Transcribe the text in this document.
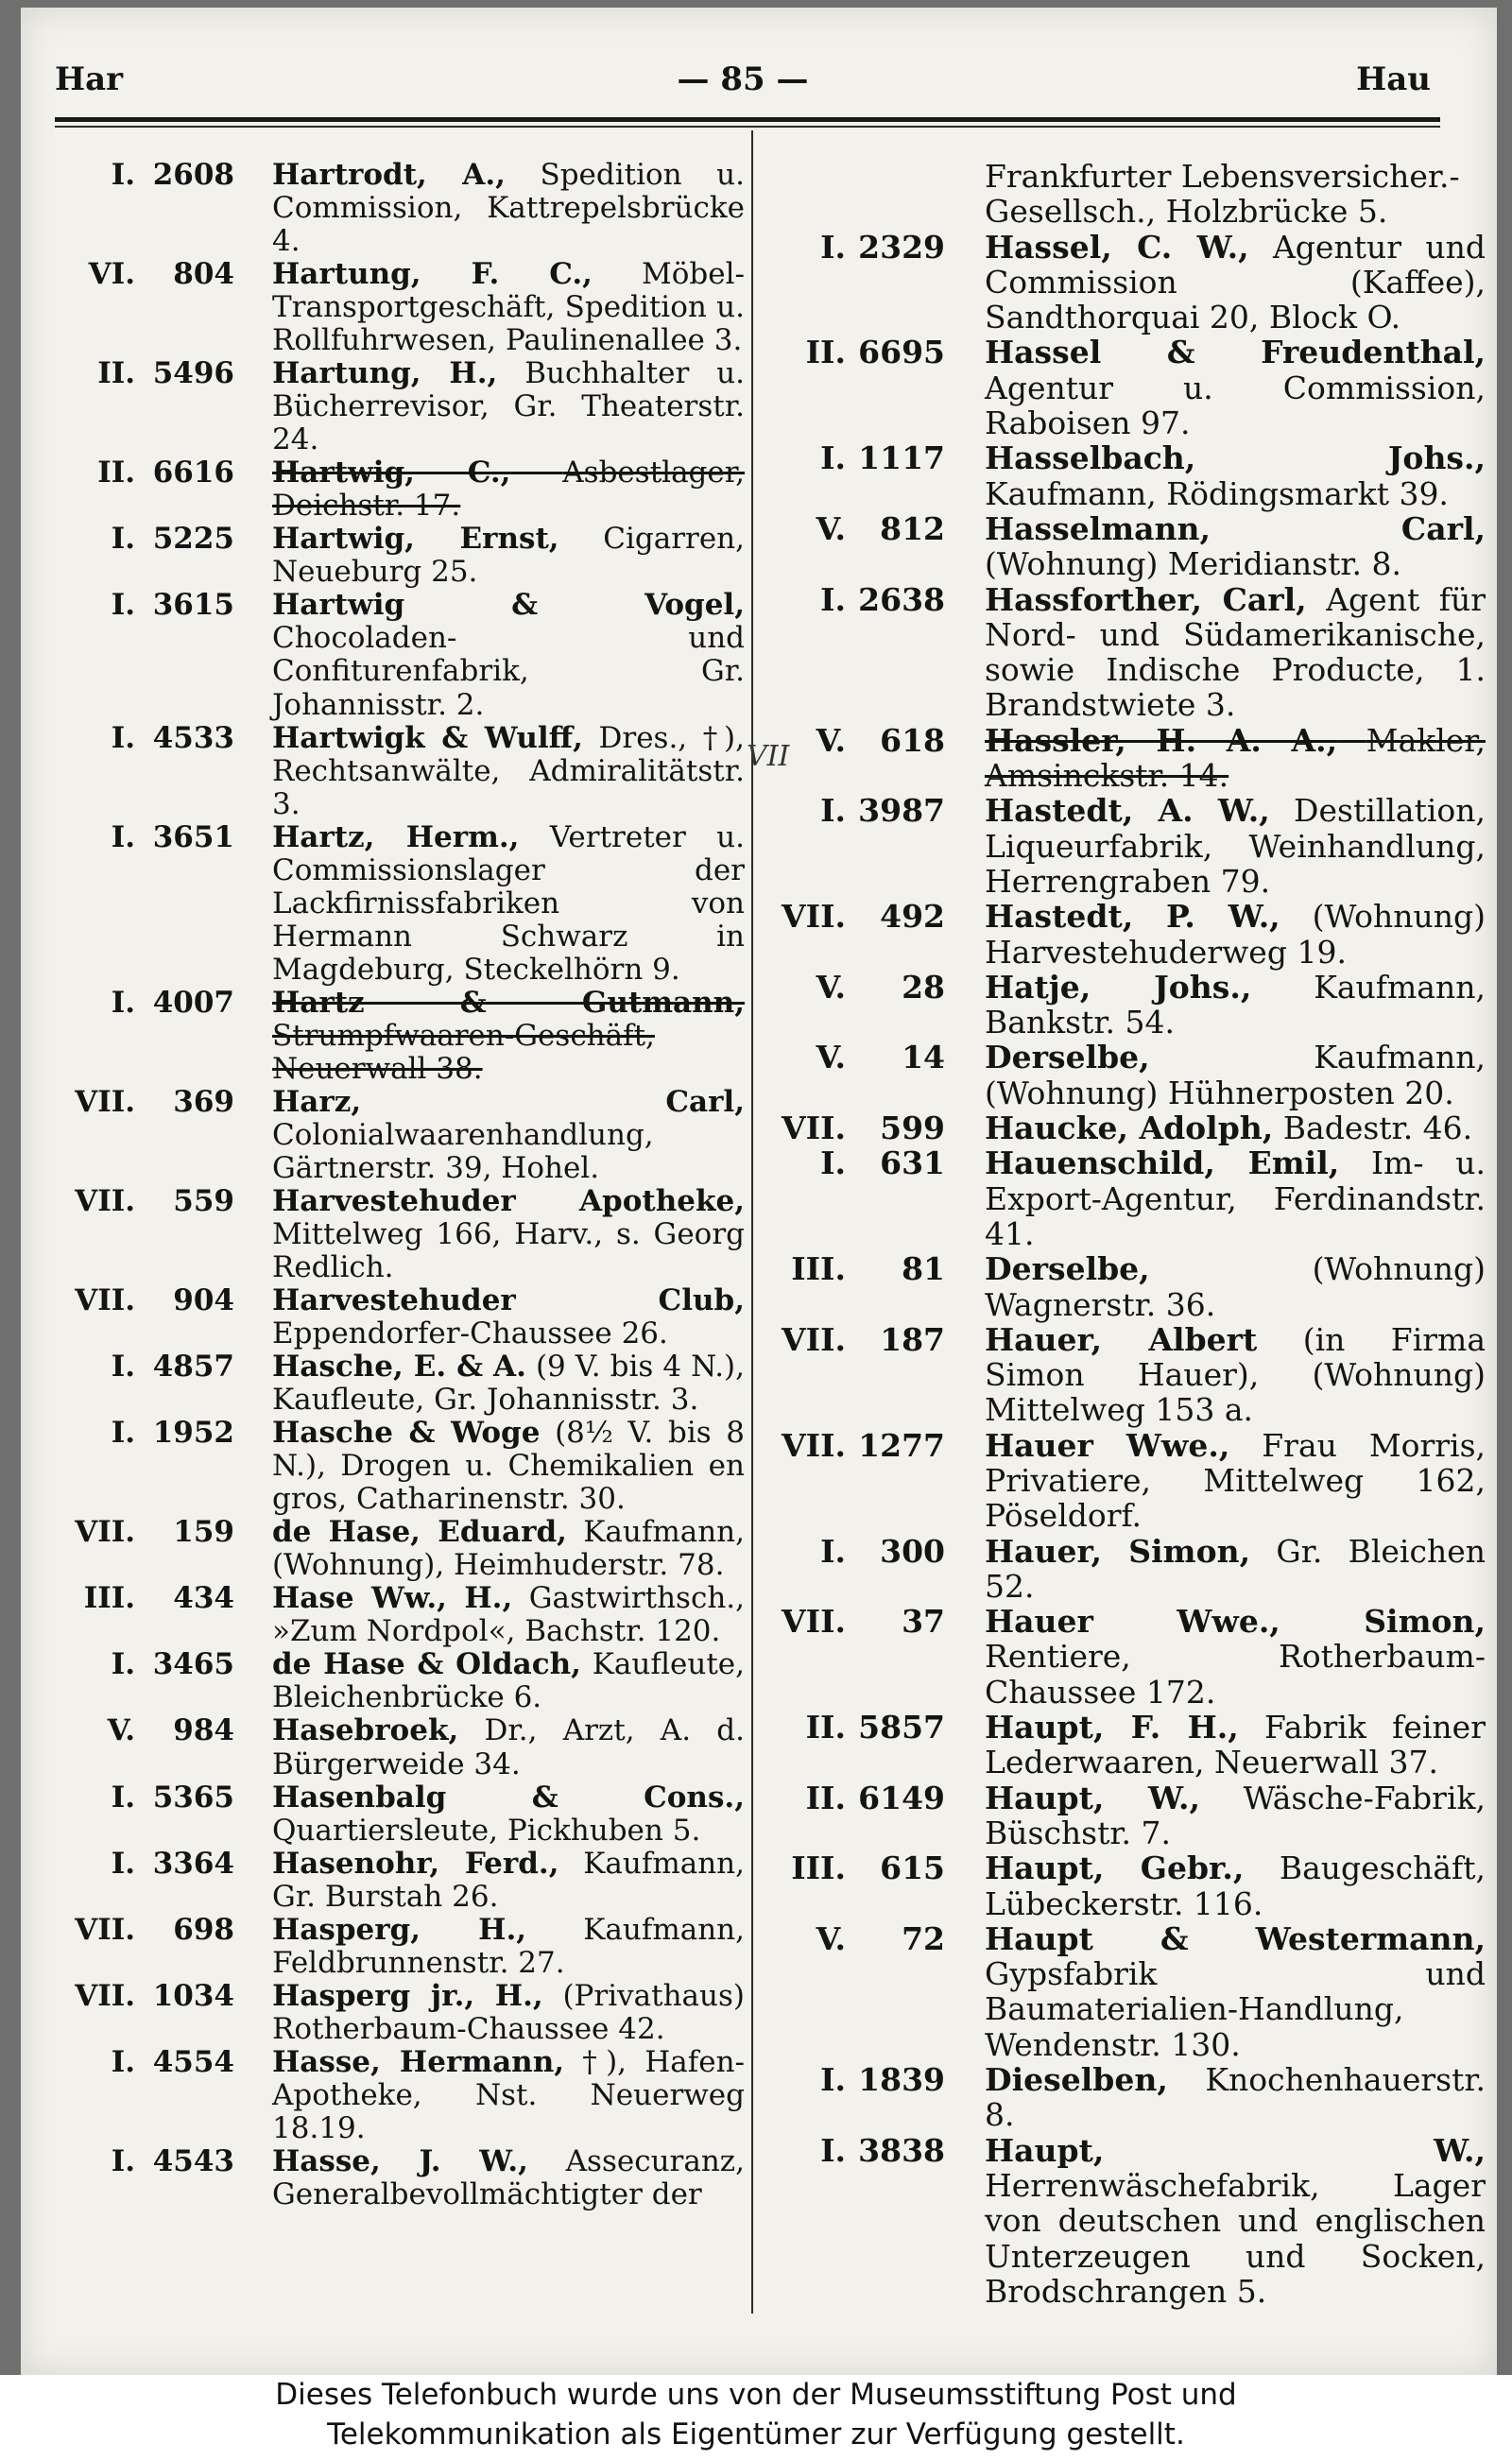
Har	— 85 —	Hau
I. 2608 Hartrodt, A., Spedition u. Commission, Kattrepelsbrücke 4.
VI. 804 Hartung, F. C., Möbel-Transportgeschäft, Spedition u. Rollfuhrwesen, Paulinenallee 3.
II. 5496 Hartung, H., Buchhalter u. Bücherrevisor, Gr. Theaterstr. 24.
II. 6616 Hartwig, C., Asbestlager, Deichstr. 17.
I. 5225 Hartwig, Ernst, Cigarren, Neueburg 25.
I. 3615 Hartwig & Vogel, Chocoladen- und Confiturenfabrik, Gr. Johannisstr. 2.
I. 4533 Hartwigk & Wulff, Dres., †), Rechtsanwälte, Admiralitätstr. 3.
I. 3651 Hartz, Herm., Vertreter u. Commissionslager der Lackfirnissfabriken von Hermann Schwarz in Magdeburg, Steckelhörn 9.
I. 4007 Hartz & Gutmann, Strumpfwaaren-Geschäft, Neuerwall 38.
VII. 369 Harz, Carl, Colonialwaarenhandlung, Gärtnerstr. 39, Hohel.
VII. 559 Harvestehuder Apotheke, Mittelweg 166, Harv., s. Georg Redlich.
VII. 904 Harvestehuder Club, Eppendorfer-Chaussee 26.
I. 4857 Hasche, E. & A. (9 V. bis 4 N.), Kaufleute, Gr. Johannisstr. 3.
I. 1952 Hasche & Woge (8½ V. bis 8 N.), Drogen u. Chemikalien en gros, Catharinenstr. 30.
VII. 159 de Hase, Eduard, Kaufmann, (Wohnung), Heimhuderstr. 78.
III. 434 Hase Ww., H., Gastwirthsch., »Zum Nordpol«, Bachstr. 120.
I. 3465 de Hase & Oldach, Kaufleute, Bleichenbrücke 6.
V. 984 Hasebroek, Dr., Arzt, A. d. Bürgerweide 34.
I. 5365 Hasenbalg & Cons., Quartiersleute, Pickhuben 5.
I. 3364 Hasenohr, Ferd., Kaufmann, Gr. Burstah 26.
VII. 698 Hasperg, H., Kaufmann, Feldbrunnenstr. 27.
VII. 1034 Hasperg jr., H., (Privathaus) Rotherbaum-Chaussee 42.
I. 4554 Hasse, Hermann, †), Hafen-Apotheke, Nst. Neuerweg 18.19.
I. 4543 Hasse, J. W., Assecuranz, Generalbevollmächtigter der
Frankfurter Lebensversicher.-Gesellsch., Holzbrücke 5.
I. 2329 Hassel, C. W., Agentur und Commission (Kaffee), Sandthorquai 20, Block O.
II. 6695 Hassel & Freudenthal, Agentur u. Commission, Raboisen 97.
I. 1117 Hasselbach, Johs., Kaufmann, Rödingsmarkt 39.
V. 812 Hasselmann, Carl, (Wohnung) Meridianstr. 8.
I. 2638 Hassforther, Carl, Agent für Nord- und Südamerikanische, sowie Indische Producte, 1. Brandstwiete 3.
V. 618 Hassler, H. A. A., Makler, Amsinckstr. 14.
I. 3987 Hastedt, A. W., Destillation, Liqueurfabrik, Weinhandlung, Herrengraben 79.
VII. 492 Hastedt, P. W., (Wohnung) Harvestehuderweg 19.
V. 28 Hatje, Johs., Kaufmann, Bankstr. 54.
V. 14 Derselbe,	Kaufmann, (Wohnung) Hühnerposten 20.
VII. 599 Haucke, Adolph, Badestr. 46.
I. 631 Hauenschild, Emil, Im- u. Export-Agentur, Ferdinandstr. 41.
III. 81 Derselbe,	(Wohnung) Wagnerstr. 36.
VII. 187 Hauer, Albert (in Firma Simon Hauer), (Wohnung) Mittelweg 153 a.
VII. 1277 Hauer Wwe., Frau Morris, Privatiere, Mittelweg 162, Pöseldorf.
I. 300 Hauer, Simon, Gr. Bleichen 52.
VII. 37 Hauer Wwe., Simon, Rentiere, Rotherbaum-Chaussee 172.
II. 5857 Haupt, F. H., Fabrik feiner Lederwaaren, Neuerwall 37.
II. 6149 Haupt, W., Wäsche-Fabrik, Büschstr. 7.
III. 615 Haupt, Gebr., Baugeschäft, Lübeckerstr. 116.
V. 72 Haupt & Westermann, Gypsfabrik und Baumaterialien-Handlung, Wendenstr. 130.
I. 1839 Dieselben, Knochenhauerstr. 8.
I. 3838 Haupt, W., Herrenwäschefabrik, Lager von deutschen und englischen Unterzeugen und Socken, Brodschrangen 5.
VII
Dieses Telefonbuch wurde uns von der Museumsstiftung Post und
Telekommunikation als Eigentümer zur Verfügung gestellt.
